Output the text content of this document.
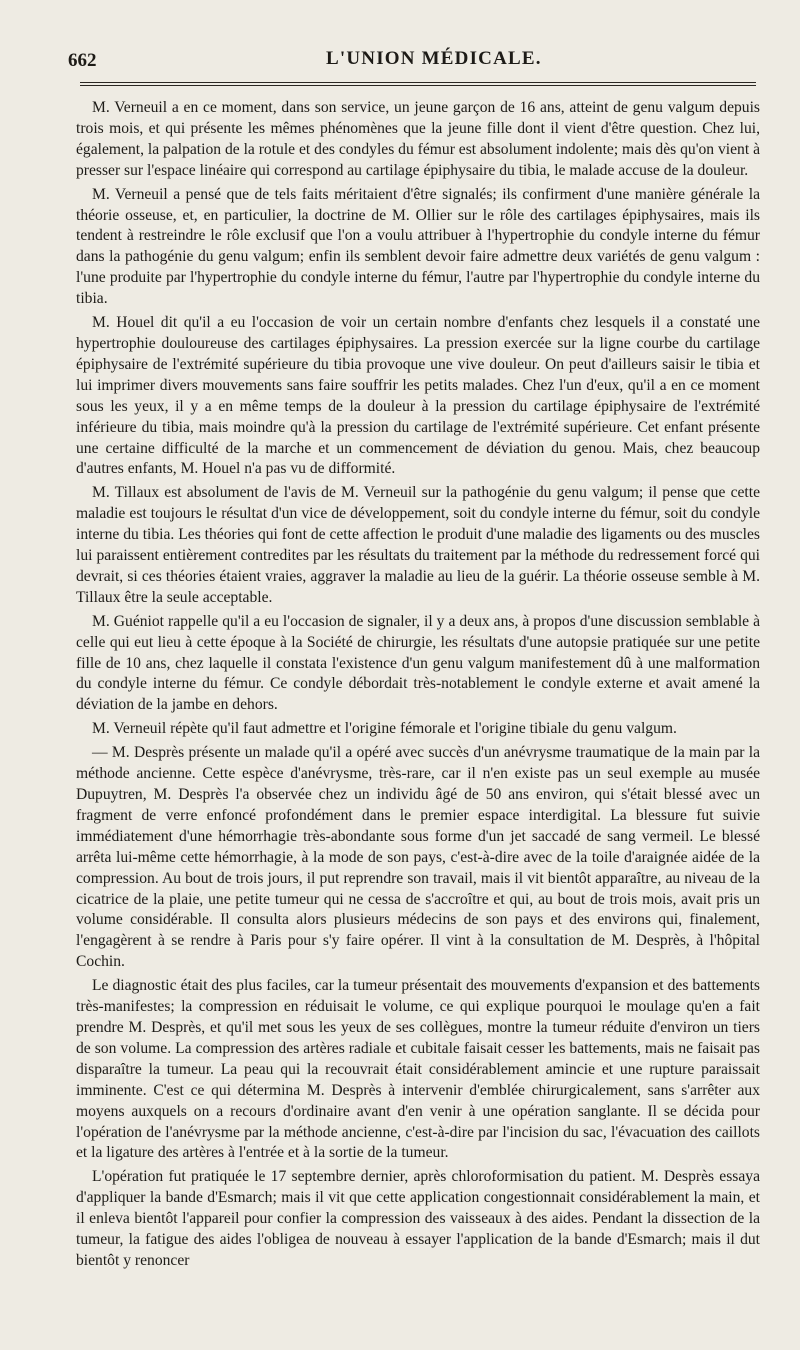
662	L'UNION MÉDICALE.

M. Verneuil a en ce moment, dans son service, un jeune garçon de 16 ans, atteint de genu valgum depuis trois mois, et qui présente les mêmes phénomènes que la jeune fille dont il vient d'être question. Chez lui, également, la palpation de la rotule et des condyles du fémur est absolument indolente; mais dès qu'on vient à presser sur l'espace linéaire qui correspond au cartilage épiphysaire du tibia, le malade accuse de la douleur.

M. Verneuil a pensé que de tels faits méritaient d'être signalés; ils confirment d'une manière générale la théorie osseuse, et, en particulier, la doctrine de M. Ollier sur le rôle des cartilages épiphysaires, mais ils tendent à restreindre le rôle exclusif que l'on a voulu attribuer à l'hypertrophie du condyle interne du fémur dans la pathogénie du genu valgum; enfin ils semblent devoir faire admettre deux variétés de genu valgum : l'une produite par l'hypertrophie du condyle interne du fémur, l'autre par l'hypertrophie du condyle interne du tibia.

M. Houel dit qu'il a eu l'occasion de voir un certain nombre d'enfants chez lesquels il a constaté une hypertrophie douloureuse des cartilages épiphysaires. La pression exercée sur la ligne courbe du cartilage épiphysaire de l'extrémité supérieure du tibia provoque une vive douleur. On peut d'ailleurs saisir le tibia et lui imprimer divers mouvements sans faire souffrir les petits malades. Chez l'un d'eux, qu'il a en ce moment sous les yeux, il y a en même temps de la douleur à la pression du cartilage épiphysaire de l'extrémité inférieure du tibia, mais moindre qu'à la pression du cartilage de l'extrémité supérieure. Cet enfant présente une certaine difficulté de la marche et un commencement de déviation du genou. Mais, chez beaucoup d'autres enfants, M. Houel n'a pas vu de difformité.

M. Tillaux est absolument de l'avis de M. Verneuil sur la pathogénie du genu valgum; il pense que cette maladie est toujours le résultat d'un vice de développement, soit du condyle interne du fémur, soit du condyle interne du tibia. Les théories qui font de cette affection le produit d'une maladie des ligaments ou des muscles lui paraissent entièrement contredites par les résultats du traitement par la méthode du redressement forcé qui devrait, si ces théories étaient vraies, aggraver la maladie au lieu de la guérir. La théorie osseuse semble à M. Tillaux être la seule acceptable.

M. Guéniot rappelle qu'il a eu l'occasion de signaler, il y a deux ans, à propos d'une discussion semblable à celle qui eut lieu à cette époque à la Société de chirurgie, les résultats d'une autopsie pratiquée sur une petite fille de 10 ans, chez laquelle il constata l'existence d'un genu valgum manifestement dû à une malformation du condyle interne du fémur. Ce condyle débordait très-notablement le condyle externe et avait amené la déviation de la jambe en dehors.

M. Verneuil répète qu'il faut admettre et l'origine fémorale et l'origine tibiale du genu valgum.

— M. Desprès présente un malade qu'il a opéré avec succès d'un anévrysme traumatique de la main par la méthode ancienne. Cette espèce d'anévrysme, très-rare, car il n'en existe pas un seul exemple au musée Dupuytren, M. Desprès l'a observée chez un individu âgé de 50 ans environ, qui s'était blessé avec un fragment de verre enfoncé profondément dans le premier espace interdigital. La blessure fut suivie immédiatement d'une hémorrhagie très-abondante sous forme d'un jet saccadé de sang vermeil. Le blessé arrêta lui-même cette hémorrhagie, à la mode de son pays, c'est-à-dire avec de la toile d'araignée aidée de la compression. Au bout de trois jours, il put reprendre son travail, mais il vit bientôt apparaître, au niveau de la cicatrice de la plaie, une petite tumeur qui ne cessa de s'accroître et qui, au bout de trois mois, avait pris un volume considérable. Il consulta alors plusieurs médecins de son pays et des environs qui, finalement, l'engagèrent à se rendre à Paris pour s'y faire opérer. Il vint à la consultation de M. Desprès, à l'hôpital Cochin.

Le diagnostic était des plus faciles, car la tumeur présentait des mouvements d'expansion et des battements très-manifestes; la compression en réduisait le volume, ce qui explique pourquoi le moulage qu'en a fait prendre M. Desprès, et qu'il met sous les yeux de ses collègues, montre la tumeur réduite d'environ un tiers de son volume. La compression des artères radiale et cubitale faisait cesser les battements, mais ne faisait pas disparaître la tumeur. La peau qui la recouvrait était considérablement amincie et une rupture paraissait imminente. C'est ce qui détermina M. Desprès à intervenir d'emblée chirurgicalement, sans s'arrêter aux moyens auxquels on a recours d'ordinaire avant d'en venir à une opération sanglante. Il se décida pour l'opération de l'anévrysme par la méthode ancienne, c'est-à-dire par l'incision du sac, l'évacuation des caillots et la ligature des artères à l'entrée et à la sortie de la tumeur.

L'opération fut pratiquée le 17 septembre dernier, après chloroformisation du patient. M. Desprès essaya d'appliquer la bande d'Esmarch; mais il vit que cette application congestionnait considérablement la main, et il enleva bientôt l'appareil pour confier la compression des vaisseaux à des aides. Pendant la dissection de la tumeur, la fatigue des aides l'obligea de nouveau à essayer l'application de la bande d'Esmarch; mais il dut bientôt y renoncer
